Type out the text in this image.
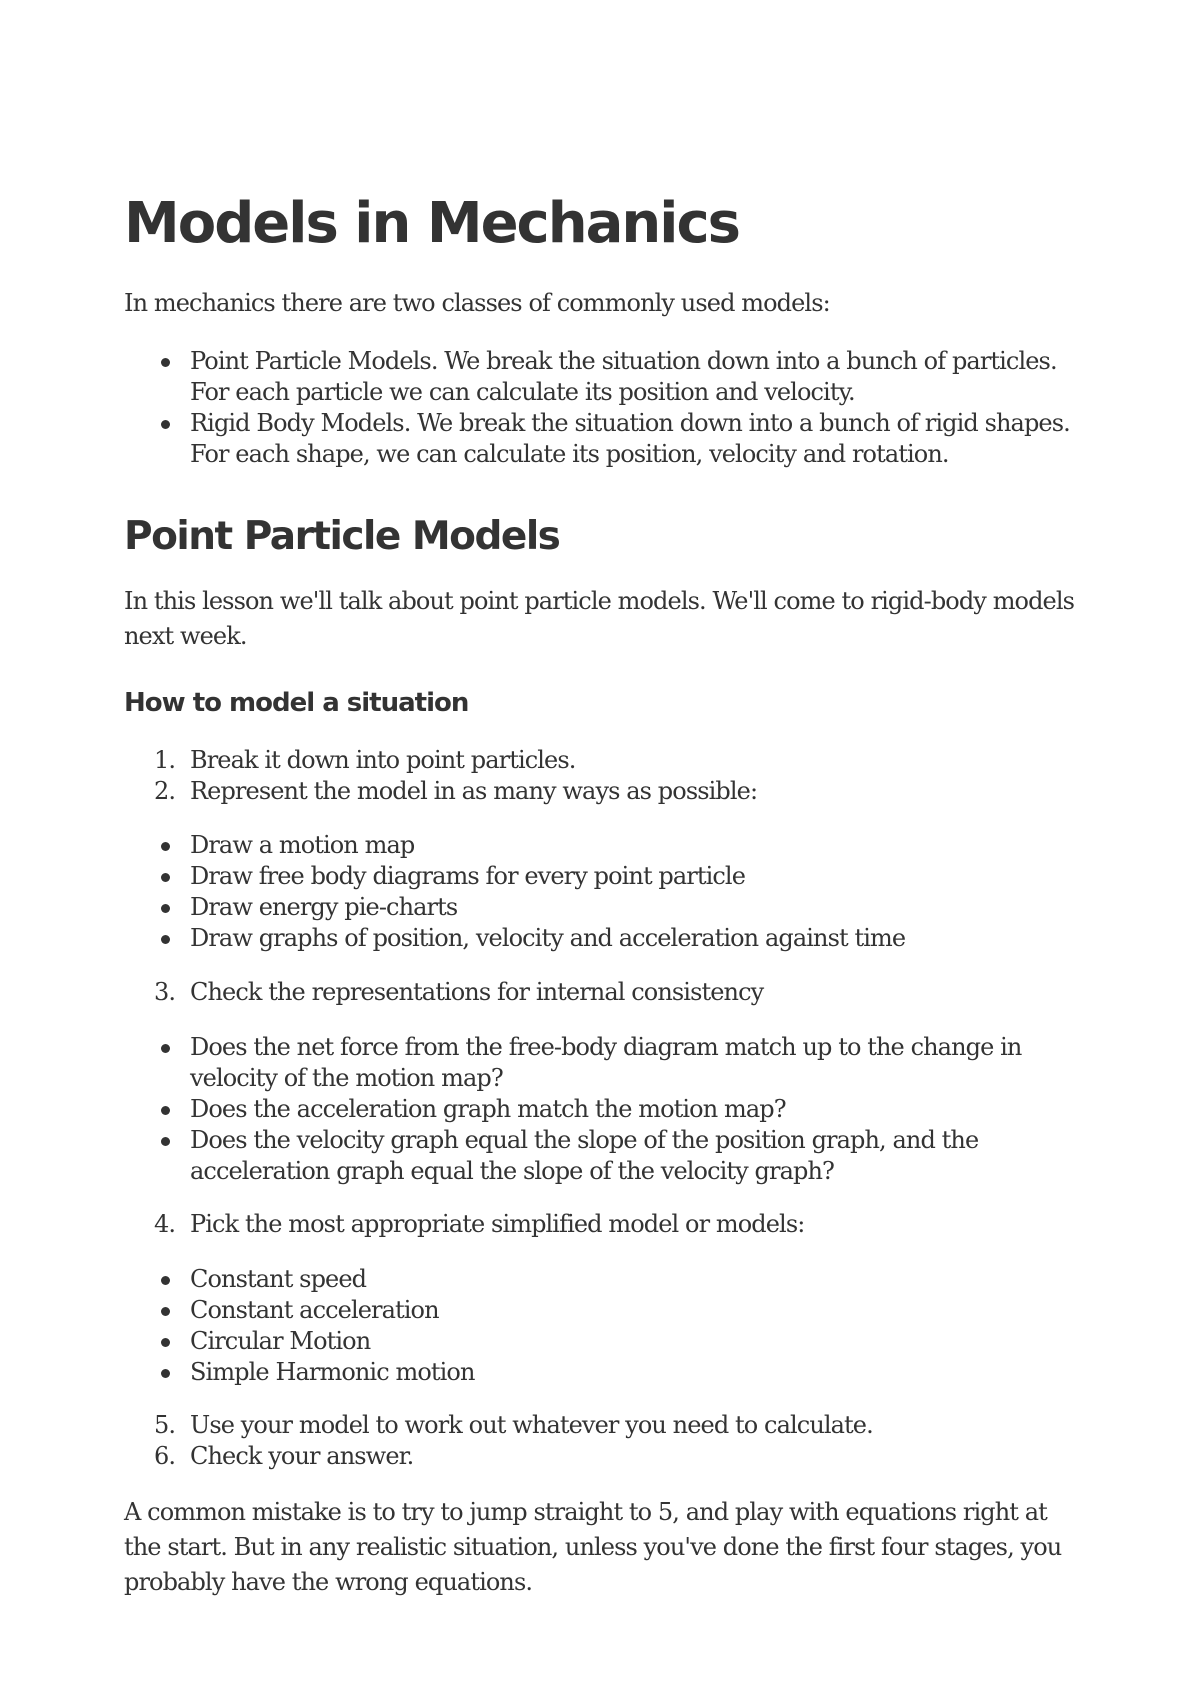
Models in Mechanics

In mechanics there are two classes of commonly used models:

Point Particle Models. We break the situation down into a bunch of particles. For each particle we can calculate its position and velocity.
Rigid Body Models. We break the situation down into a bunch of rigid shapes. For each shape, we can calculate its position, velocity and rotation.
Point Particle Models

In this lesson we'll talk about point particle models. We'll come to rigid-body models next week.

How to model a situation
1. Break it down into point particles.
2. Represent the model in as many ways as possible:
Draw a motion map
Draw free body diagrams for every point particle
Draw energy pie-charts
Draw graphs of position, velocity and acceleration against time
3. Check the representations for internal consistency
Does the net force from the free-body diagram match up to the change in velocity of the motion map?
Does the acceleration graph match the motion map?
Does the velocity graph equal the slope of the position graph, and the acceleration graph equal the slope of the velocity graph?
4. Pick the most appropriate simplified model or models:
Constant speed
Constant acceleration
Circular Motion
Simple Harmonic motion
5. Use your model to work out whatever you need to calculate.
6. Check your answer.

A common mistake is to try to jump straight to 5, and play with equations right at the start. But in any realistic situation, unless you've done the first four stages, you probably have the wrong equations.
